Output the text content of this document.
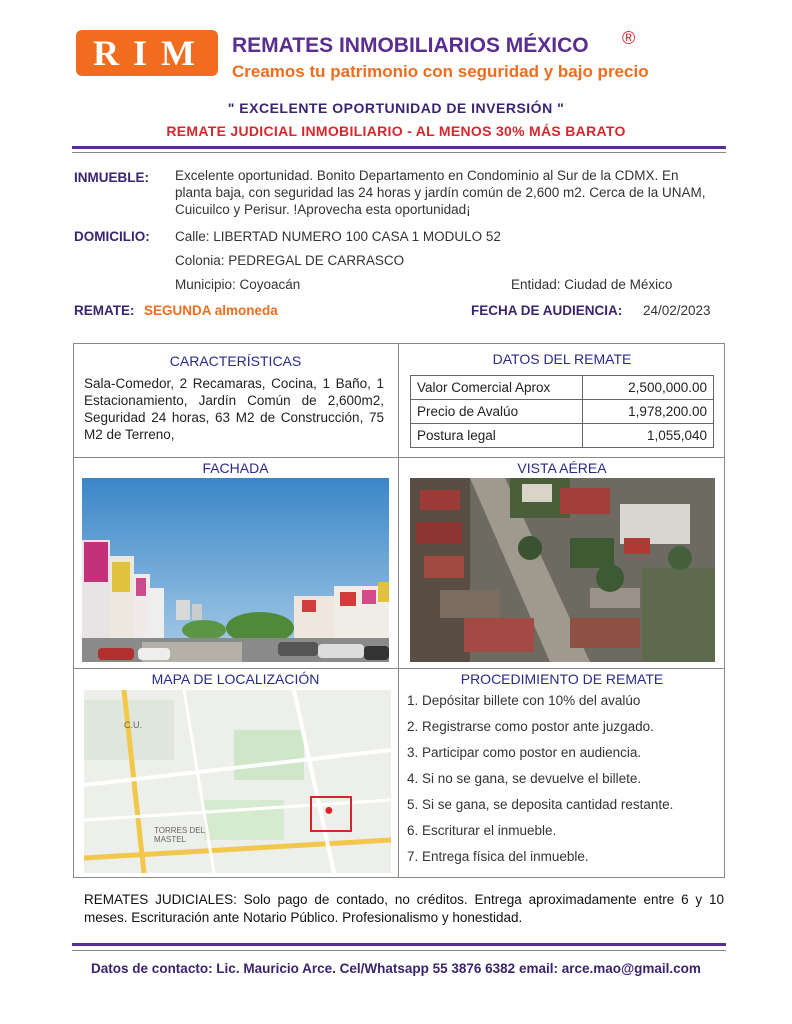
RIM	REMATES INMOBILIARIOS MÉXICO ®
Creamos tu patrimonio con seguridad y bajo precio
" EXCELENTE OPORTUNIDAD DE INVERSIÓN "
REMATE JUDICIAL INMOBILIARIO - AL MENOS 30% MÁS BARATO
INMUEBLE: Excelente oportunidad. Bonito Departamento en Condominio al Sur de la CDMX. En planta baja, con seguridad las 24 horas y jardín común de 2,600 m2. Cerca de la UNAM, Cuicuilco y Perisur. !Aprovecha esta oportunidad¡
DOMICILIO: Calle: LIBERTAD NUMERO 100 CASA 1 MODULO 52
Colonia: PEDREGAL DE CARRASCO
Municipio: Coyoacán	Entidad: Ciudad de México
REMATE: SEGUNDA almoneda	FECHA DE AUDIENCIA: 24/02/2023
CARACTERÍSTICAS
Sala-Comedor, 2 Recamaras, Cocina, 1 Baño, 1 Estacionamiento, Jardín Común de 2,600m2, Seguridad 24 horas, 63 M2 de Construcción, 75 M2 de Terreno,
DATOS DEL REMATE
Valor Comercial Aprox	2,500,000.00
Precio de Avalúo	1,978,200.00
Postura legal	1,055,040
FACHADA	VISTA AÉREA
MAPA DE LOCALIZACIÓN
C.U.
TORRES DEL MASTEL
●
PROCEDIMIENTO DE REMATE
1. Depósitar billete con 10% del avalúo
2. Registrarse como postor ante juzgado.
3. Participar como postor en audiencia.
4. Si no se gana, se devuelve el billete.
5. Si se gana, se deposita cantidad restante.
6. Escriturar el inmueble.
7. Entrega física del inmueble.
REMATES JUDICIALES: Solo pago de contado, no créditos. Entrega aproximadamente entre 6 y 10 meses. Escrituración ante Notario Público. Profesionalismo y honestidad.
Datos de contacto: Lic. Mauricio Arce. Cel/Whatsapp 55 3876 6382 email: arce.mao@gmail.com
